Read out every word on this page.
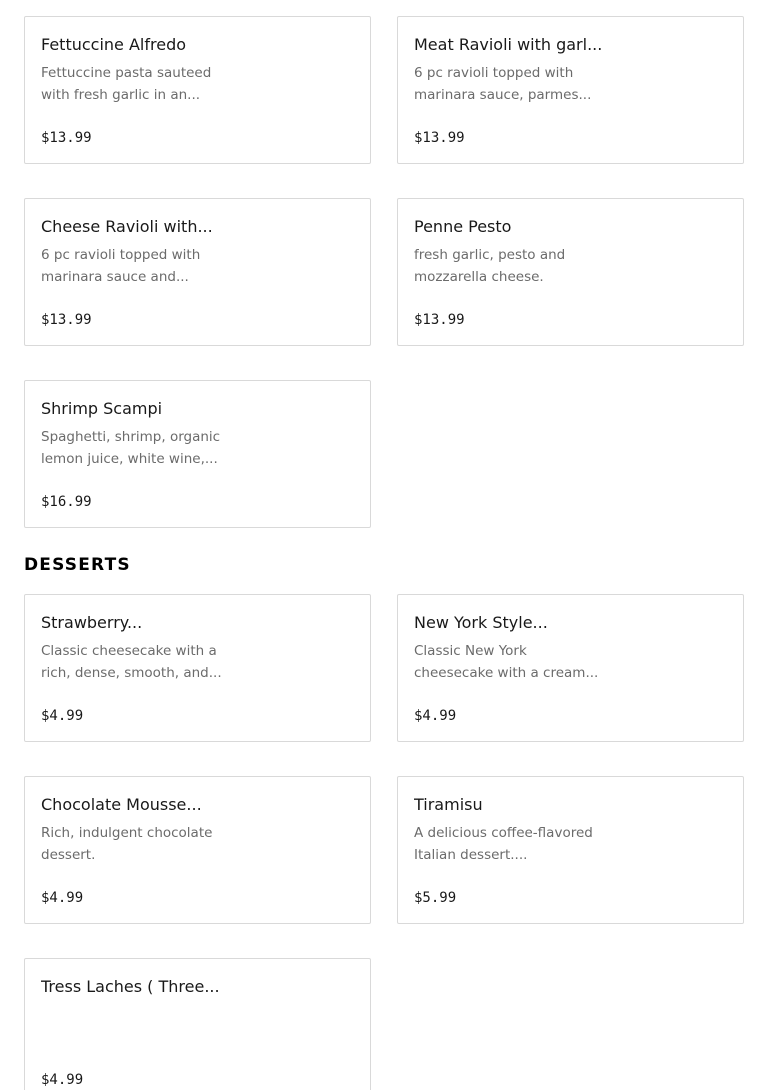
Fettuccine Alfredo
Fettuccine pasta sauteed
with fresh garlic in an...
$13.99
Meat Ravioli with garl...
6 pc ravioli topped with
marinara sauce, parmes...
$13.99
Cheese Ravioli with...
6 pc ravioli topped with
marinara sauce and...
$13.99
Penne Pesto
fresh garlic, pesto and
mozzarella cheese.
$13.99
Shrimp Scampi
Spaghetti, shrimp, organic
lemon juice, white wine,...
$16.99
DESSERTS
Strawberry...
Classic cheesecake with a
rich, dense, smooth, and...
$4.99
New York Style...
Classic New York
cheesecake with a cream...
$4.99
Chocolate Mousse...
Rich, indulgent chocolate
dessert.
$4.99
Tiramisu
A delicious coffee-flavored
Italian dessert....
$5.99
Tress Laches ( Three...
$4.99
